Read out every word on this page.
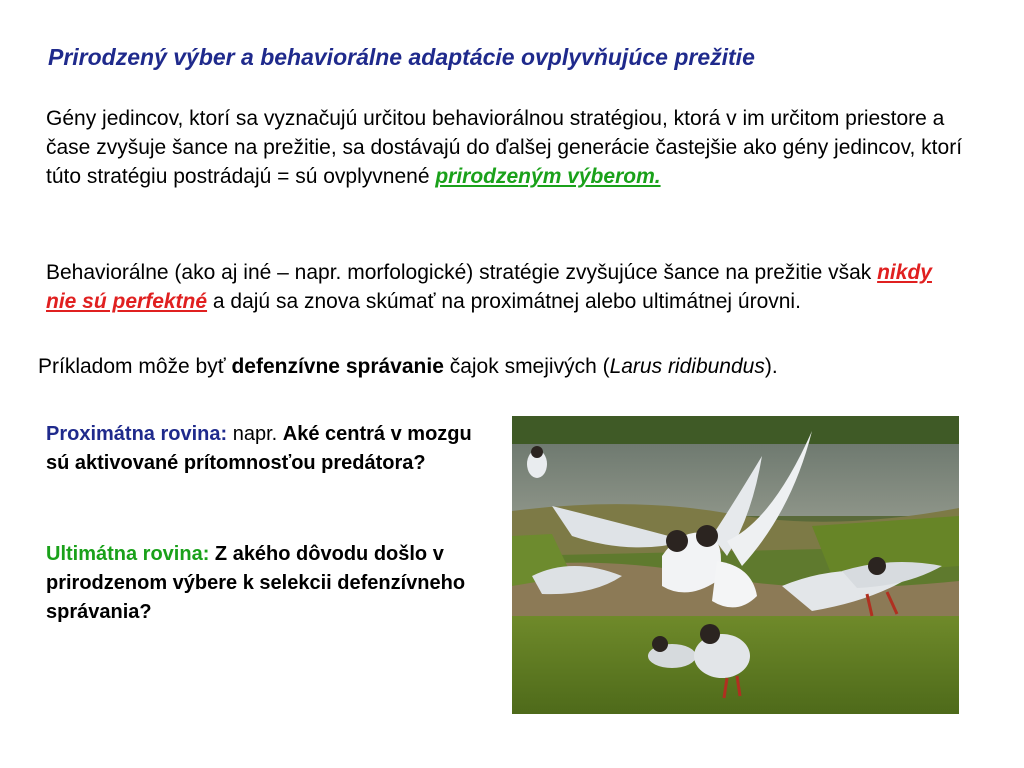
Prirodzený výber a behaviorálne adaptácie ovplyvňujúce prežitie
Gény jedincov, ktorí sa vyznačujú určitou behaviorálnou stratégiou, ktorá v im určitom priestore a čase zvyšuje šance na prežitie, sa dostávajú do ďalšej generácie častejšie ako gény jedincov, ktorí túto stratégiu postrádajú = sú ovplyvnené prirodzeným výberom.
Behaviorálne (ako aj iné – napr. morfologické) stratégie zvyšujúce šance na prežitie však nikdy nie sú perfektné a dajú sa znova skúmať na proximátnej alebo ultimátnej úrovni.
Príkladom môže byť defenzívne správanie čajok smejivých (Larus ridibundus).
Proximátna rovina: napr. Aké centrá v mozgu sú aktivované prítomnosťou predátora?
Ultimátna rovina: Z akého dôvodu došlo v prirodzenom výbere k selekcii defenzívneho správania?
